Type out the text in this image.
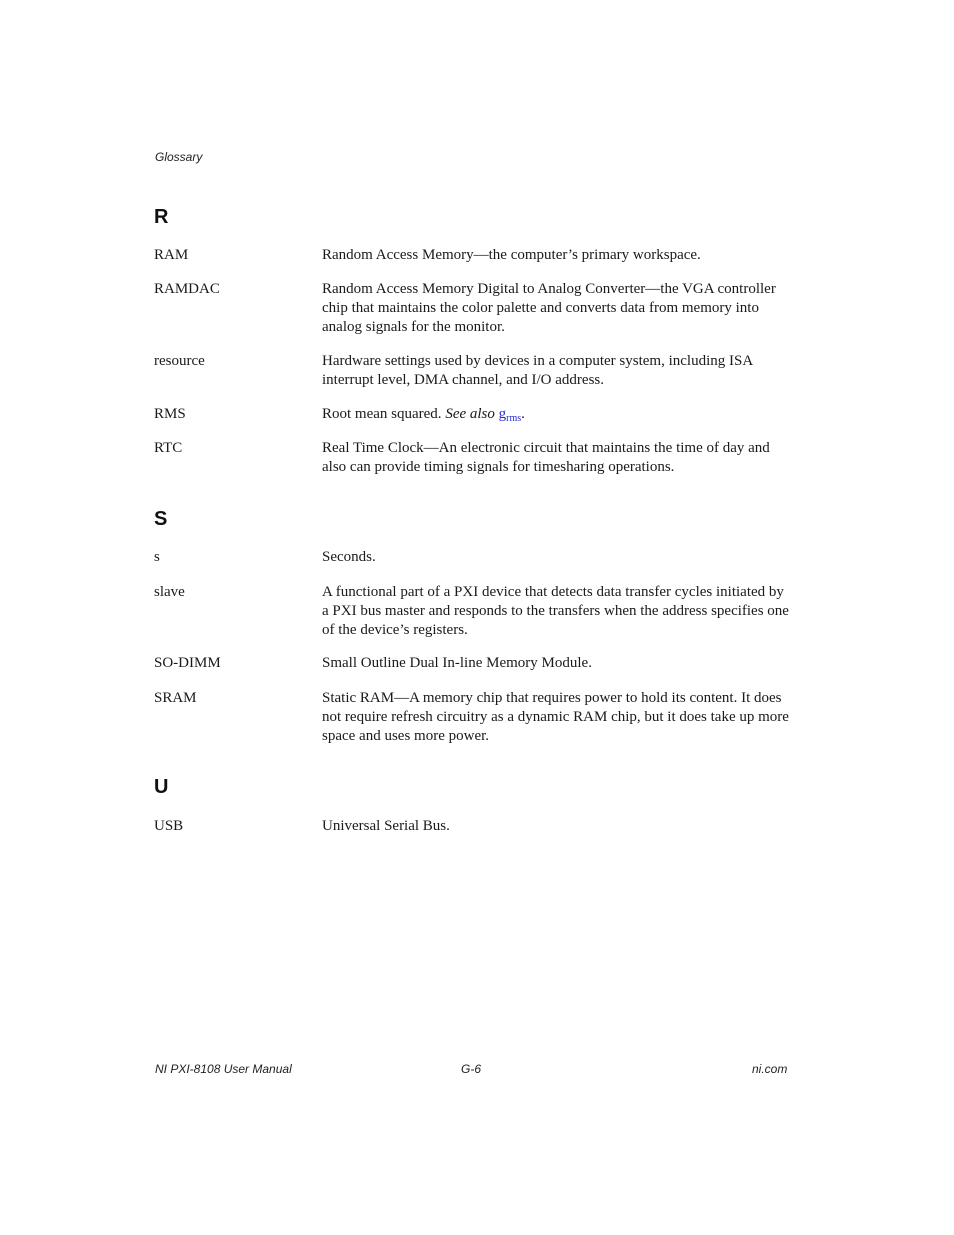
Glossary
R
RAM	Random Access Memory—the computer’s primary workspace.
RAMDAC	Random Access Memory Digital to Analog Converter—the VGA controller chip that maintains the color palette and converts data from memory into analog signals for the monitor.
resource	Hardware settings used by devices in a computer system, including ISA interrupt level, DMA channel, and I/O address.
RMS	Root mean squared. See also $g_{rms}$.
RTC	Real Time Clock—An electronic circuit that maintains the time of day and also can provide timing signals for timesharing operations.
S
s	Seconds.
slave	A functional part of a PXI device that detects data transfer cycles initiated by a PXI bus master and responds to the transfers when the address specifies one of the device’s registers.
SO-DIMM	Small Outline Dual In-line Memory Module.
SRAM	Static RAM—A memory chip that requires power to hold its content. It does not require refresh circuitry as a dynamic RAM chip, but it does take up more space and uses more power.
U
USB	Universal Serial Bus.
NI PXI-8108 User Manual	G-6	ni.com
